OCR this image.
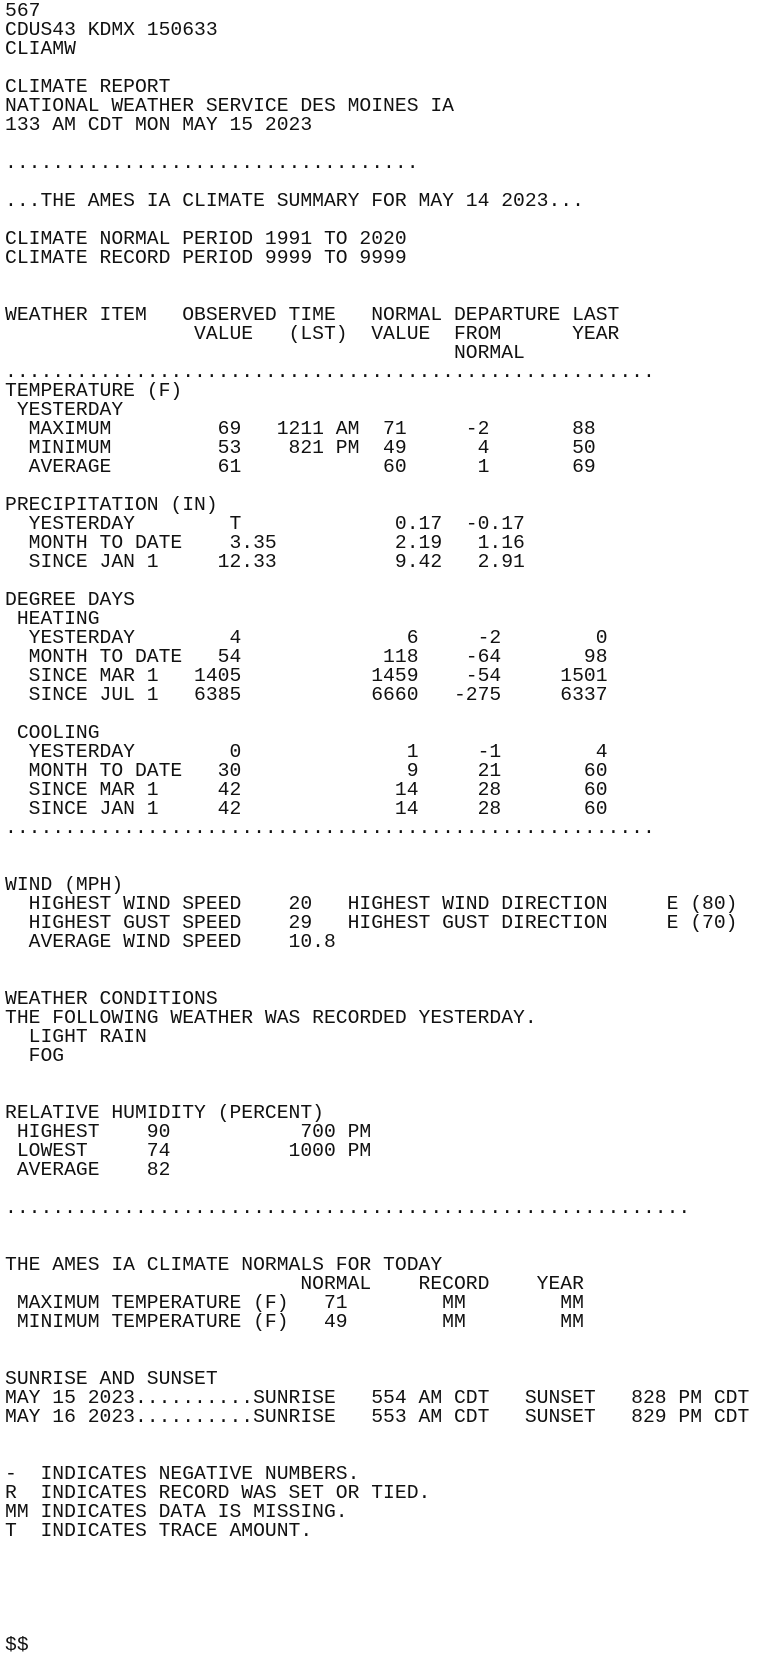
567
CDUS43 KDMX 150633
CLIAMW

CLIMATE REPORT
NATIONAL WEATHER SERVICE DES MOINES IA
133 AM CDT MON MAY 15 2023

...................................

...THE AMES IA CLIMATE SUMMARY FOR MAY 14 2023...

CLIMATE NORMAL PERIOD 1991 TO 2020
CLIMATE RECORD PERIOD 9999 TO 9999

WEATHER ITEM   OBSERVED TIME   NORMAL DEPARTURE LAST
VALUE   (LST)  VALUE  FROM      YEAR
NORMAL
.......................................................
TEMPERATURE (F)
YESTERDAY
MAXIMUM         69   1211 AM  71     -2       88
MINIMUM         53    821 PM  49      4       50
AVERAGE         61            60      1       69

PRECIPITATION (IN)
YESTERDAY        T             0.17  -0.17
MONTH TO DATE    3.35          2.19   1.16
SINCE JAN 1     12.33          9.42   2.91

DEGREE DAYS
HEATING
YESTERDAY        4              6     -2        0
MONTH TO DATE   54            118    -64       98
SINCE MAR 1   1405           1459    -54     1501
SINCE JUL 1   6385           6660   -275     6337

COOLING
YESTERDAY        0              1     -1        4
MONTH TO DATE   30              9     21       60
SINCE MAR 1     42             14     28       60
SINCE JAN 1     42             14     28       60
.......................................................

WIND (MPH)
HIGHEST WIND SPEED    20   HIGHEST WIND DIRECTION     E (80)
HIGHEST GUST SPEED    29   HIGHEST GUST DIRECTION     E (70)
AVERAGE WIND SPEED    10.8

WEATHER CONDITIONS
THE FOLLOWING WEATHER WAS RECORDED YESTERDAY.
LIGHT RAIN
FOG

RELATIVE HUMIDITY (PERCENT)
HIGHEST    90           700 PM
LOWEST     74          1000 PM
AVERAGE    82

..........................................................

THE AMES IA CLIMATE NORMALS FOR TODAY
NORMAL    RECORD    YEAR
MAXIMUM TEMPERATURE (F)   71        MM        MM
MINIMUM TEMPERATURE (F)   49        MM        MM

SUNRISE AND SUNSET
MAY 15 2023..........SUNRISE   554 AM CDT   SUNSET   828 PM CDT
MAY 16 2023..........SUNRISE   553 AM CDT   SUNSET   829 PM CDT

-  INDICATES NEGATIVE NUMBERS.
R  INDICATES RECORD WAS SET OR TIED.
MM INDICATES DATA IS MISSING.
T  INDICATES TRACE AMOUNT.

$$
